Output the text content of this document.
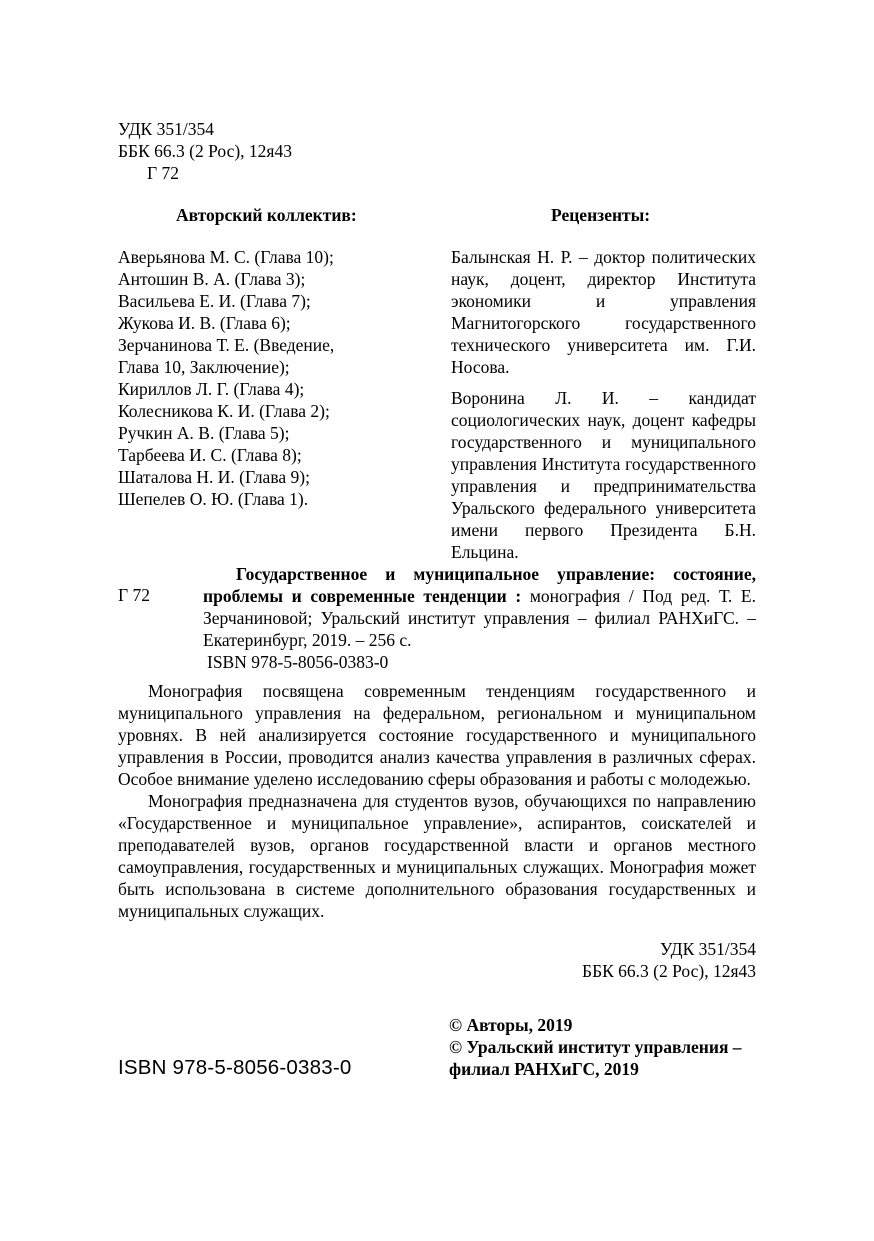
УДК 351/354
ББК 66.3 (2 Рос), 12я43
Г 72
Авторский коллектив:	Рецензенты:
Аверьянова М. С. (Глава 10);
Антошин В. А. (Глава 3);
Васильева Е. И. (Глава 7);
Жукова И. В. (Глава 6);
Зерчанинова Т. Е. (Введение,
Глава 10, Заключение);
Кириллов Л. Г. (Глава 4);
Колесникова К. И. (Глава 2);
Ручкин А. В. (Глава 5);
Тарбеева И. С. (Глава 8);
Шаталова Н. И. (Глава 9);
Шепелев О. Ю. (Глава 1).

Балынская Н. Р. – доктор политических наук, доцент, директор Института экономики и управления Магнитогорского государственного технического университета им. Г.И. Носова.

Воронина Л. И. – кандидат социологических наук, доцент кафедры государственного и муниципального управления Института государственного управления и предпринимательства Уральского федерального университета имени первого Президента Б.Н. Ельцина.

Г 72
Государственное и муниципальное управление: состояние, проблемы и современные тенденции : монография / Под ред. Т. Е. Зерчаниновой; Уральский институт управления – филиал РАНХиГС. – Екатеринбург, 2019. – 256 с.
ISBN 978-5-8056-0383-0

Монография посвящена современным тенденциям государственного и муниципального управления на федеральном, региональном и муниципальном уровнях. В ней анализируется состояние государственного и муниципального управления в России, проводится анализ качества управления в различных сферах. Особое внимание уделено исследованию сферы образования и работы с молодежью.

Монография предназначена для студентов вузов, обучающихся по направлению «Государственное и муниципальное управление», аспирантов, соискателей и преподавателей вузов, органов государственной власти и органов местного самоуправления, государственных и муниципальных служащих. Монография может быть использована в системе дополнительного образования государственных и муниципальных служащих.

УДК 351/354
ББК 66.3 (2 Рос), 12я43
© Авторы, 2019
© Уральский институт управления –
филиал РАНХиГС, 2019
ISBN 978-5-8056-0383-0
